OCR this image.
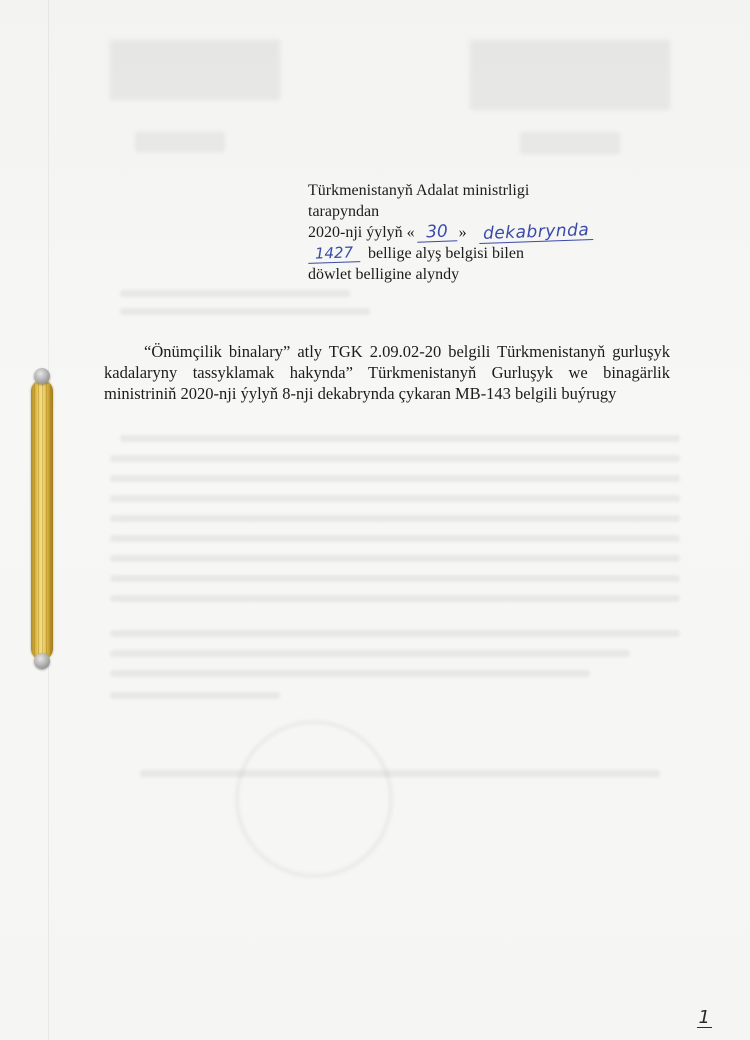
Türkmenistanyň Adalat ministrligi
tarapyndan
2020-nji ýylyň « 30 » dekabrynda
1427 bellige alyş belgisi bilen
döwlet belligine alyndy
“Önümçilik binalary” atly TGK 2.09.02-20 belgili Türkmenistanyň gurluşyk kadalaryny tassyklamak hakynda” Türkmenistanyň Gurluşyk we binagärlik ministriniň 2020-nji ýylyň 8-nji dekabrynda çykaran MB-143 belgili buýrugy
1
